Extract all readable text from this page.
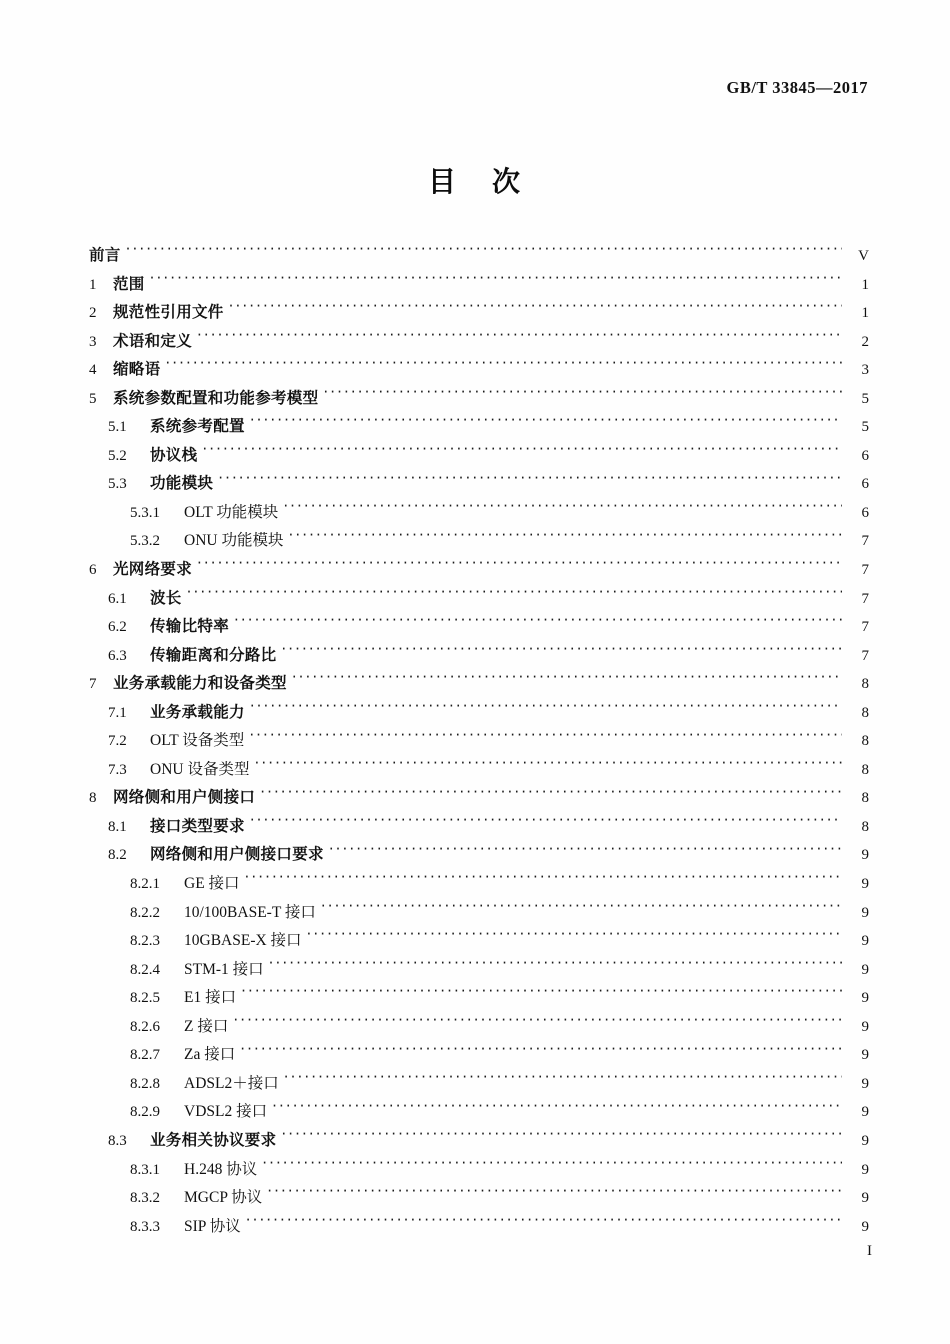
GB/T 33845—2017
目 次
前言 ·····	V
1	范围 ·····	1
2	规范性引用文件 ·····	1
3	术语和定义 ·····	2
4	缩略语 ·····	3
5	系统参数配置和功能参考模型 ·····	5
5.1	系统参考配置 ·····	5
5.2	协议栈 ·····	6
5.3	功能模块 ·····	6
5.3.1	OLT 功能模块 ·····	6
5.3.2	ONU 功能模块 ·····	7
6	光网络要求 ·····	7
6.1	波长 ·····	7
6.2	传输比特率 ·····	7
6.3	传输距离和分路比 ·····	7
7	业务承载能力和设备类型 ·····	8
7.1	业务承载能力 ·····	8
7.2	OLT 设备类型 ·····	8
7.3	ONU 设备类型 ·····	8
8	网络侧和用户侧接口 ·····	8
8.1	接口类型要求 ·····	8
8.2	网络侧和用户侧接口要求 ·····	9
8.2.1	GE 接口 ·····	9
8.2.2	10/100BASE-T 接口 ·····	9
8.2.3	10GBASE-X 接口 ·····	9
8.2.4	STM-1 接口 ·····	9
8.2.5	E1 接口 ·····	9
8.2.6	Z 接口 ·····	9
8.2.7	Za 接口 ·····	9
8.2.8	ADSL2＋接口 ·····	9
8.2.9	VDSL2 接口 ·····	9
8.3	业务相关协议要求 ·····	9
8.3.1	H.248 协议 ·····	9
8.3.2	MGCP 协议 ·····	9
8.3.3	SIP 协议 ·····	9
I
